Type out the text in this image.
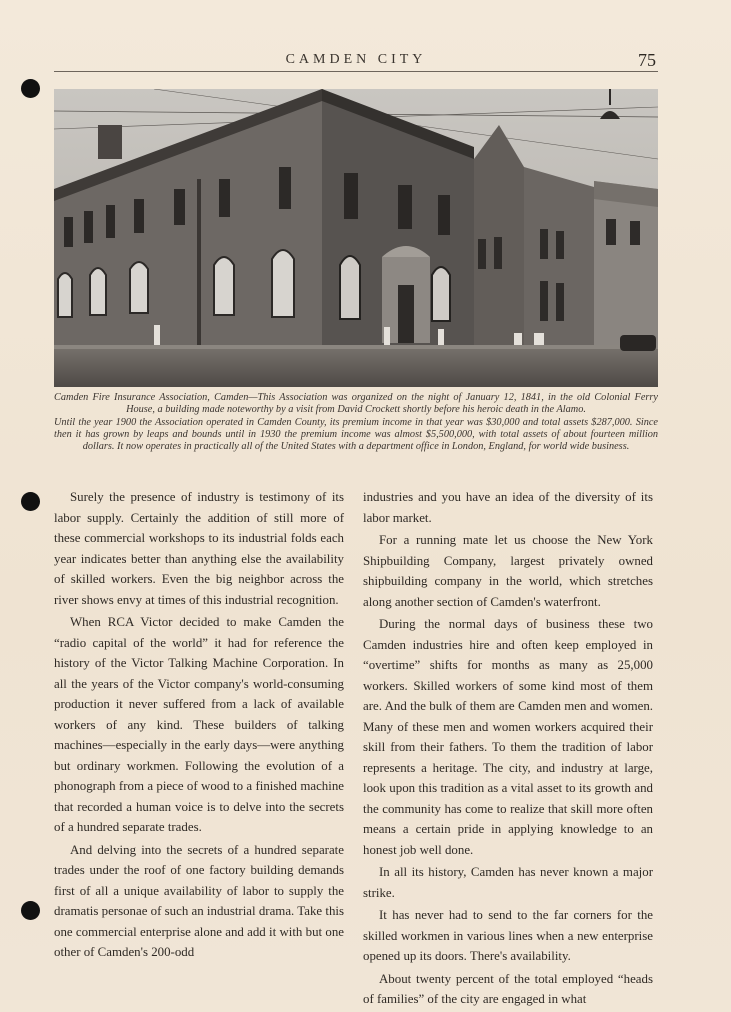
CAMDEN CITY	75

Camden Fire Insurance Association, Camden—This Association was organized on the night of January 12, 1841, in the old Colonial Ferry House, a building made noteworthy by a visit from David Crockett shortly before his heroic death in the Alamo.

Until the year 1900 the Association operated in Camden County, its premium income in that year was $30,000 and total assets $287,000. Since then it has grown by leaps and bounds until in 1930 the premium income was almost $5,500,000, with total assets of about fourteen million dollars. It now operates in practically all of the United States with a department office in London, England, for world wide business.

Surely the presence of industry is testimony of its labor supply. Certainly the addition of still more of these commercial workshops to its industrial folds each year indicates better than anything else the availability of skilled workers. Even the big neighbor across the river shows envy at times of this industrial recognition.

When RCA Victor decided to make Camden the “radio capital of the world” it had for reference the history of the Victor Talking Machine Corporation. In all the years of the Victor company's world-consuming production it never suffered from a lack of available workers of any kind. These builders of talking machines—especially in the early days—were anything but ordinary workmen. Following the evolution of a phonograph from a piece of wood to a finished machine that recorded a human voice is to delve into the secrets of a hundred separate trades.

And delving into the secrets of a hundred separate trades under the roof of one factory building demands first of all a unique availability of labor to supply the dramatis personae of such an industrial drama. Take this one commercial enterprise alone and add it with but one other of Camden's 200-odd

industries and you have an idea of the diversity of its labor market.

For a running mate let us choose the New York Shipbuilding Company, largest privately owned shipbuilding company in the world, which stretches along another section of Camden's waterfront.

During the normal days of business these two Camden industries hire and often keep employed in “overtime” shifts for months as many as 25,000 workers. Skilled workers of some kind most of them are. And the bulk of them are Camden men and women. Many of these men and women workers acquired their skill from their fathers. To them the tradition of labor represents a heritage. The city, and industry at large, look upon this tradition as a vital asset to its growth and the community has come to realize that skill more often means a certain pride in applying knowledge to an honest job well done.

In all its history, Camden has never known a major strike.

It has never had to send to the far corners for the skilled workmen in various lines when a new enterprise opened up its doors. There's availability.

About twenty percent of the total employed “heads of families” of the city are engaged in what
